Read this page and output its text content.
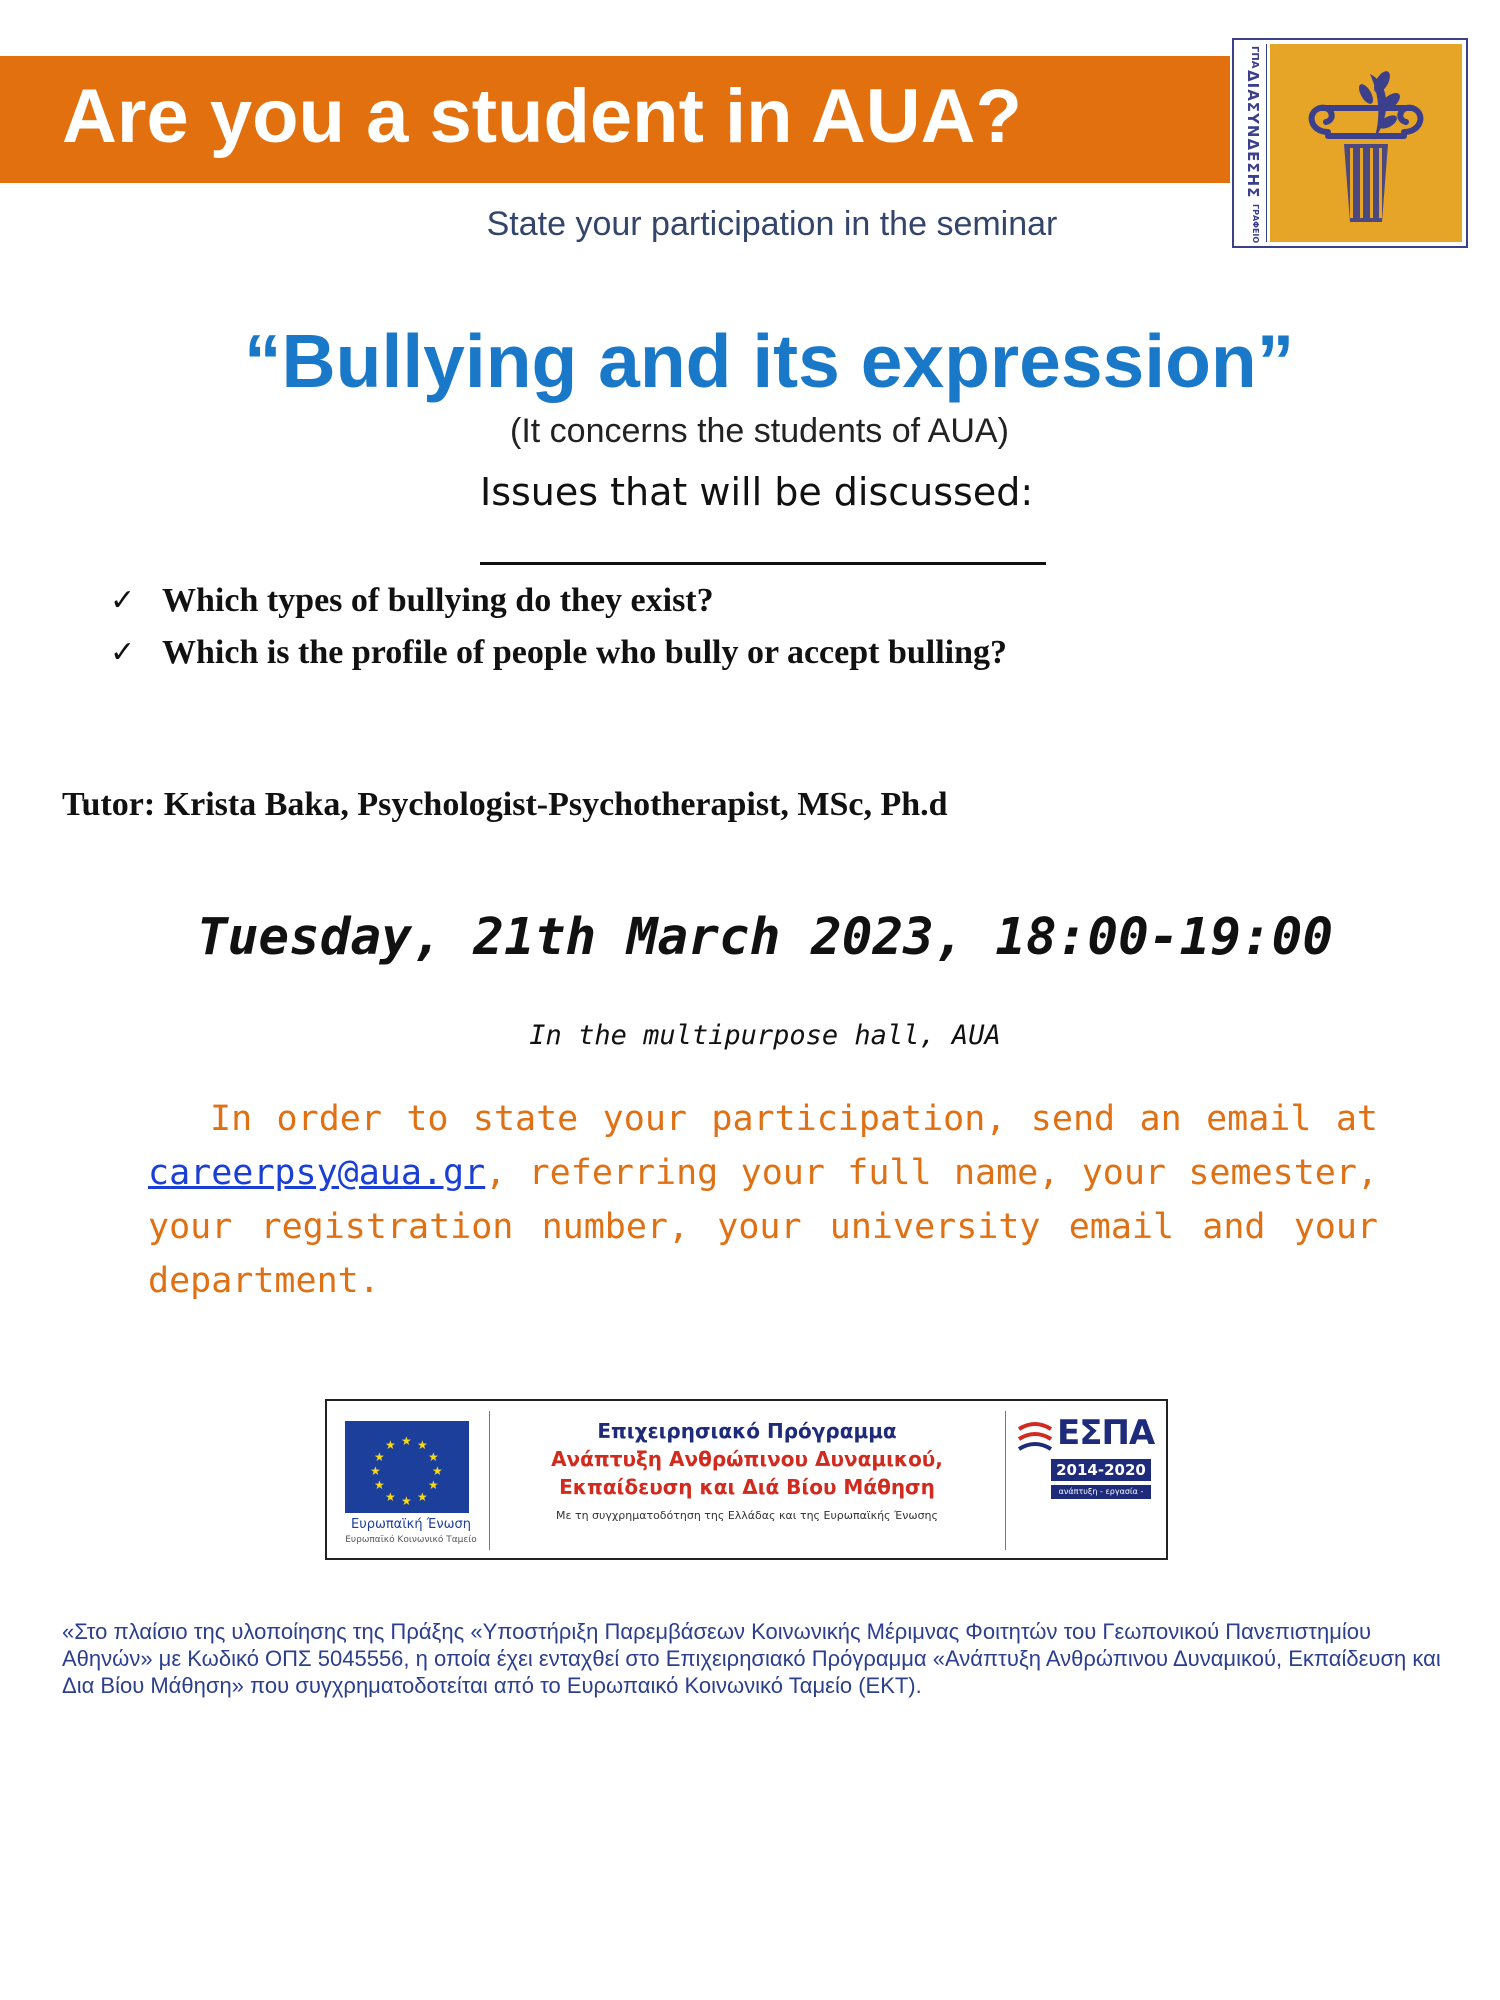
Are you a student in AUA?
ΓΠΑ
ΔΙΑΣΥΝΔΕΣΗΣ
ΓΡΑΦΕΙΟ
State your participation in the seminar
“Bullying and its expression”
(It concerns the students of AUA)
Issues that will be discussed:
✓ Which types of bullying do they exist?
✓ Which is the profile of people who bully or accept bulling?
Tutor: Krista Baka, Psychologist-Psychotherapist, MSc, Ph.d
Tuesday, 21th March 2023, 18:00-19:00
In the multipurpose hall, AUA
In order to state your participation, send an email at careerpsy@aua.gr, referring your full name, your semester, your registration number, your university email and your department.
★ ★
★
★
★
★
★
★
★
★
★
★
Ευρωπαϊκή Ένωση
Ευρωπαϊκό Κοινωνικό Ταμείο
Επιχειρησιακό Πρόγραμμα
Ανάπτυξη Ανθρώπινου Δυναμικού,
Εκπαίδευση και Διά Βίου Μάθηση
Με τη συγχρηματοδότηση της Ελλάδας και της Ευρωπαϊκής Ένωσης
ΕΣΠΑ
2014-2020
ανάπτυξη - εργασία - αλληλεγγύη
«Στο πλαίσιο της υλοποίησης της Πράξης «Υποστήριξη Παρεμβάσεων Κοινωνικής Μέριμνας Φοιτητών του Γεωπονικού Πανεπιστημίου Αθηνών» με Κωδικό ΟΠΣ 5045556, η οποία έχει ενταχθεί στο Επιχειρησιακό Πρόγραμμα «Ανάπτυξη Ανθρώπινου Δυναμικού, Εκπαίδευση και Δια Βίου Μάθηση» που συγχρηματοδοτείται από το Ευρωπαικό Κοινωνικό Ταμείο (ΕΚΤ).
